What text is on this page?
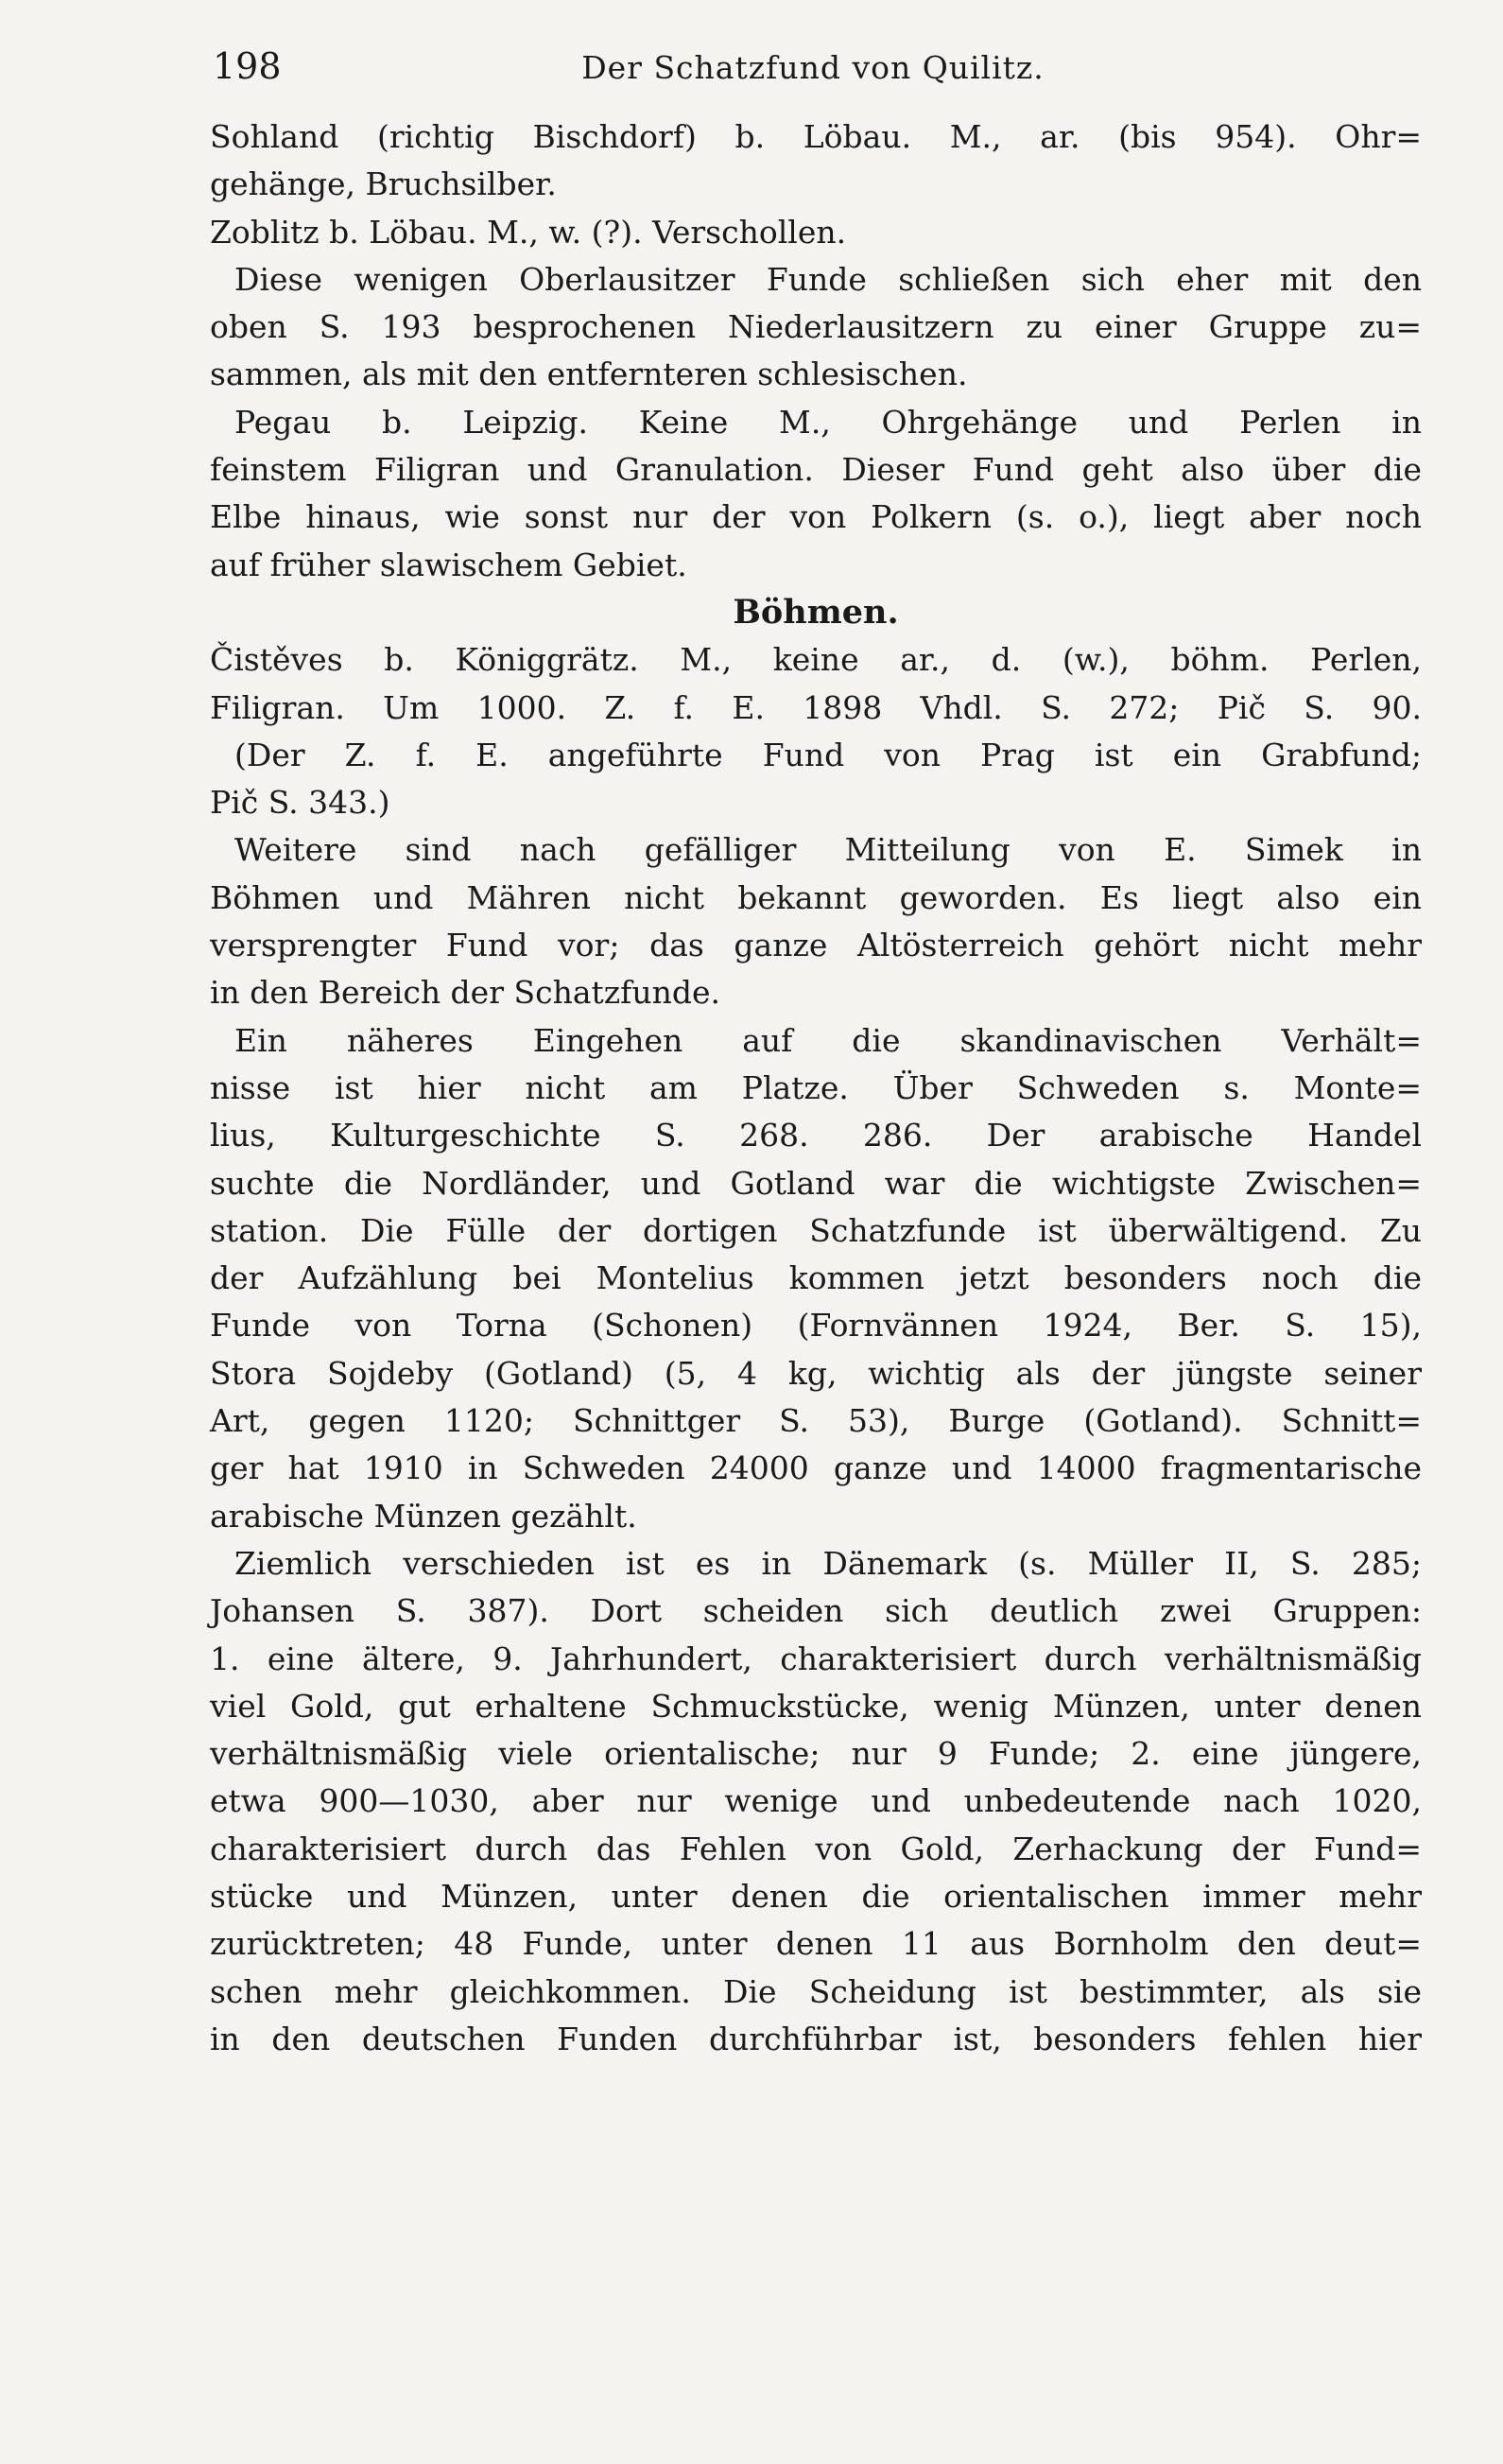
198	Der Schatzfund von Quilitz.
Sohland (richtig Bischdorf) b. Löbau. M., ar. (bis 954). Ohr=
gehänge, Bruchsilber.
Zoblitz b. Löbau. M., w. (?). Verschollen.
Diese wenigen Oberlausitzer Funde schließen sich eher mit den
oben S. 193 besprochenen Niederlausitzern zu einer Gruppe zu=
sammen, als mit den entfernteren schlesischen.
Pegau b. Leipzig. Keine M., Ohrgehänge und Perlen in
feinstem Filigran und Granulation. Dieser Fund geht also über die
Elbe hinaus, wie sonst nur der von Polkern (s. o.), liegt aber noch
auf früher slawischem Gebiet.
Böhmen.
Čistěves b. Königgrätz. M., keine ar., d. (w.), böhm. Perlen,
Filigran. Um 1000. Z. f. E. 1898 Vhdl. S. 272; Pič S. 90.
(Der Z. f. E. angeführte Fund von Prag ist ein Grabfund;
Pič S. 343.)
Weitere sind nach gefälliger Mitteilung von E. Simek in
Böhmen und Mähren nicht bekannt geworden. Es liegt also ein
versprengter Fund vor; das ganze Altösterreich gehört nicht mehr
in den Bereich der Schatzfunde.
Ein näheres Eingehen auf die skandinavischen Verhält=
nisse ist hier nicht am Platze. Über Schweden s. Monte=
lius, Kulturgeschichte S. 268. 286. Der arabische Handel
suchte die Nordländer, und Gotland war die wichtigste Zwischen=
station. Die Fülle der dortigen Schatzfunde ist überwältigend. Zu
der Aufzählung bei Montelius kommen jetzt besonders noch die
Funde von Torna (Schonen) (Fornvännen 1924, Ber. S. 15),
Stora Sojdeby (Gotland) (5, 4 kg, wichtig als der jüngste seiner
Art, gegen 1120; Schnittger S. 53), Burge (Gotland). Schnitt=
ger hat 1910 in Schweden 24000 ganze und 14000 fragmentarische
arabische Münzen gezählt.
Ziemlich verschieden ist es in Dänemark (s. Müller II, S. 285;
Johansen S. 387). Dort scheiden sich deutlich zwei Gruppen:
1. eine ältere, 9. Jahrhundert, charakterisiert durch verhältnismäßig
viel Gold, gut erhaltene Schmuckstücke, wenig Münzen, unter denen
verhältnismäßig viele orientalische; nur 9 Funde; 2. eine jüngere,
etwa 900—1030, aber nur wenige und unbedeutende nach 1020,
charakterisiert durch das Fehlen von Gold, Zerhackung der Fund=
stücke und Münzen, unter denen die orientalischen immer mehr
zurücktreten; 48 Funde, unter denen 11 aus Bornholm den deut=
schen mehr gleichkommen. Die Scheidung ist bestimmter, als sie
in den deutschen Funden durchführbar ist, besonders fehlen hier
